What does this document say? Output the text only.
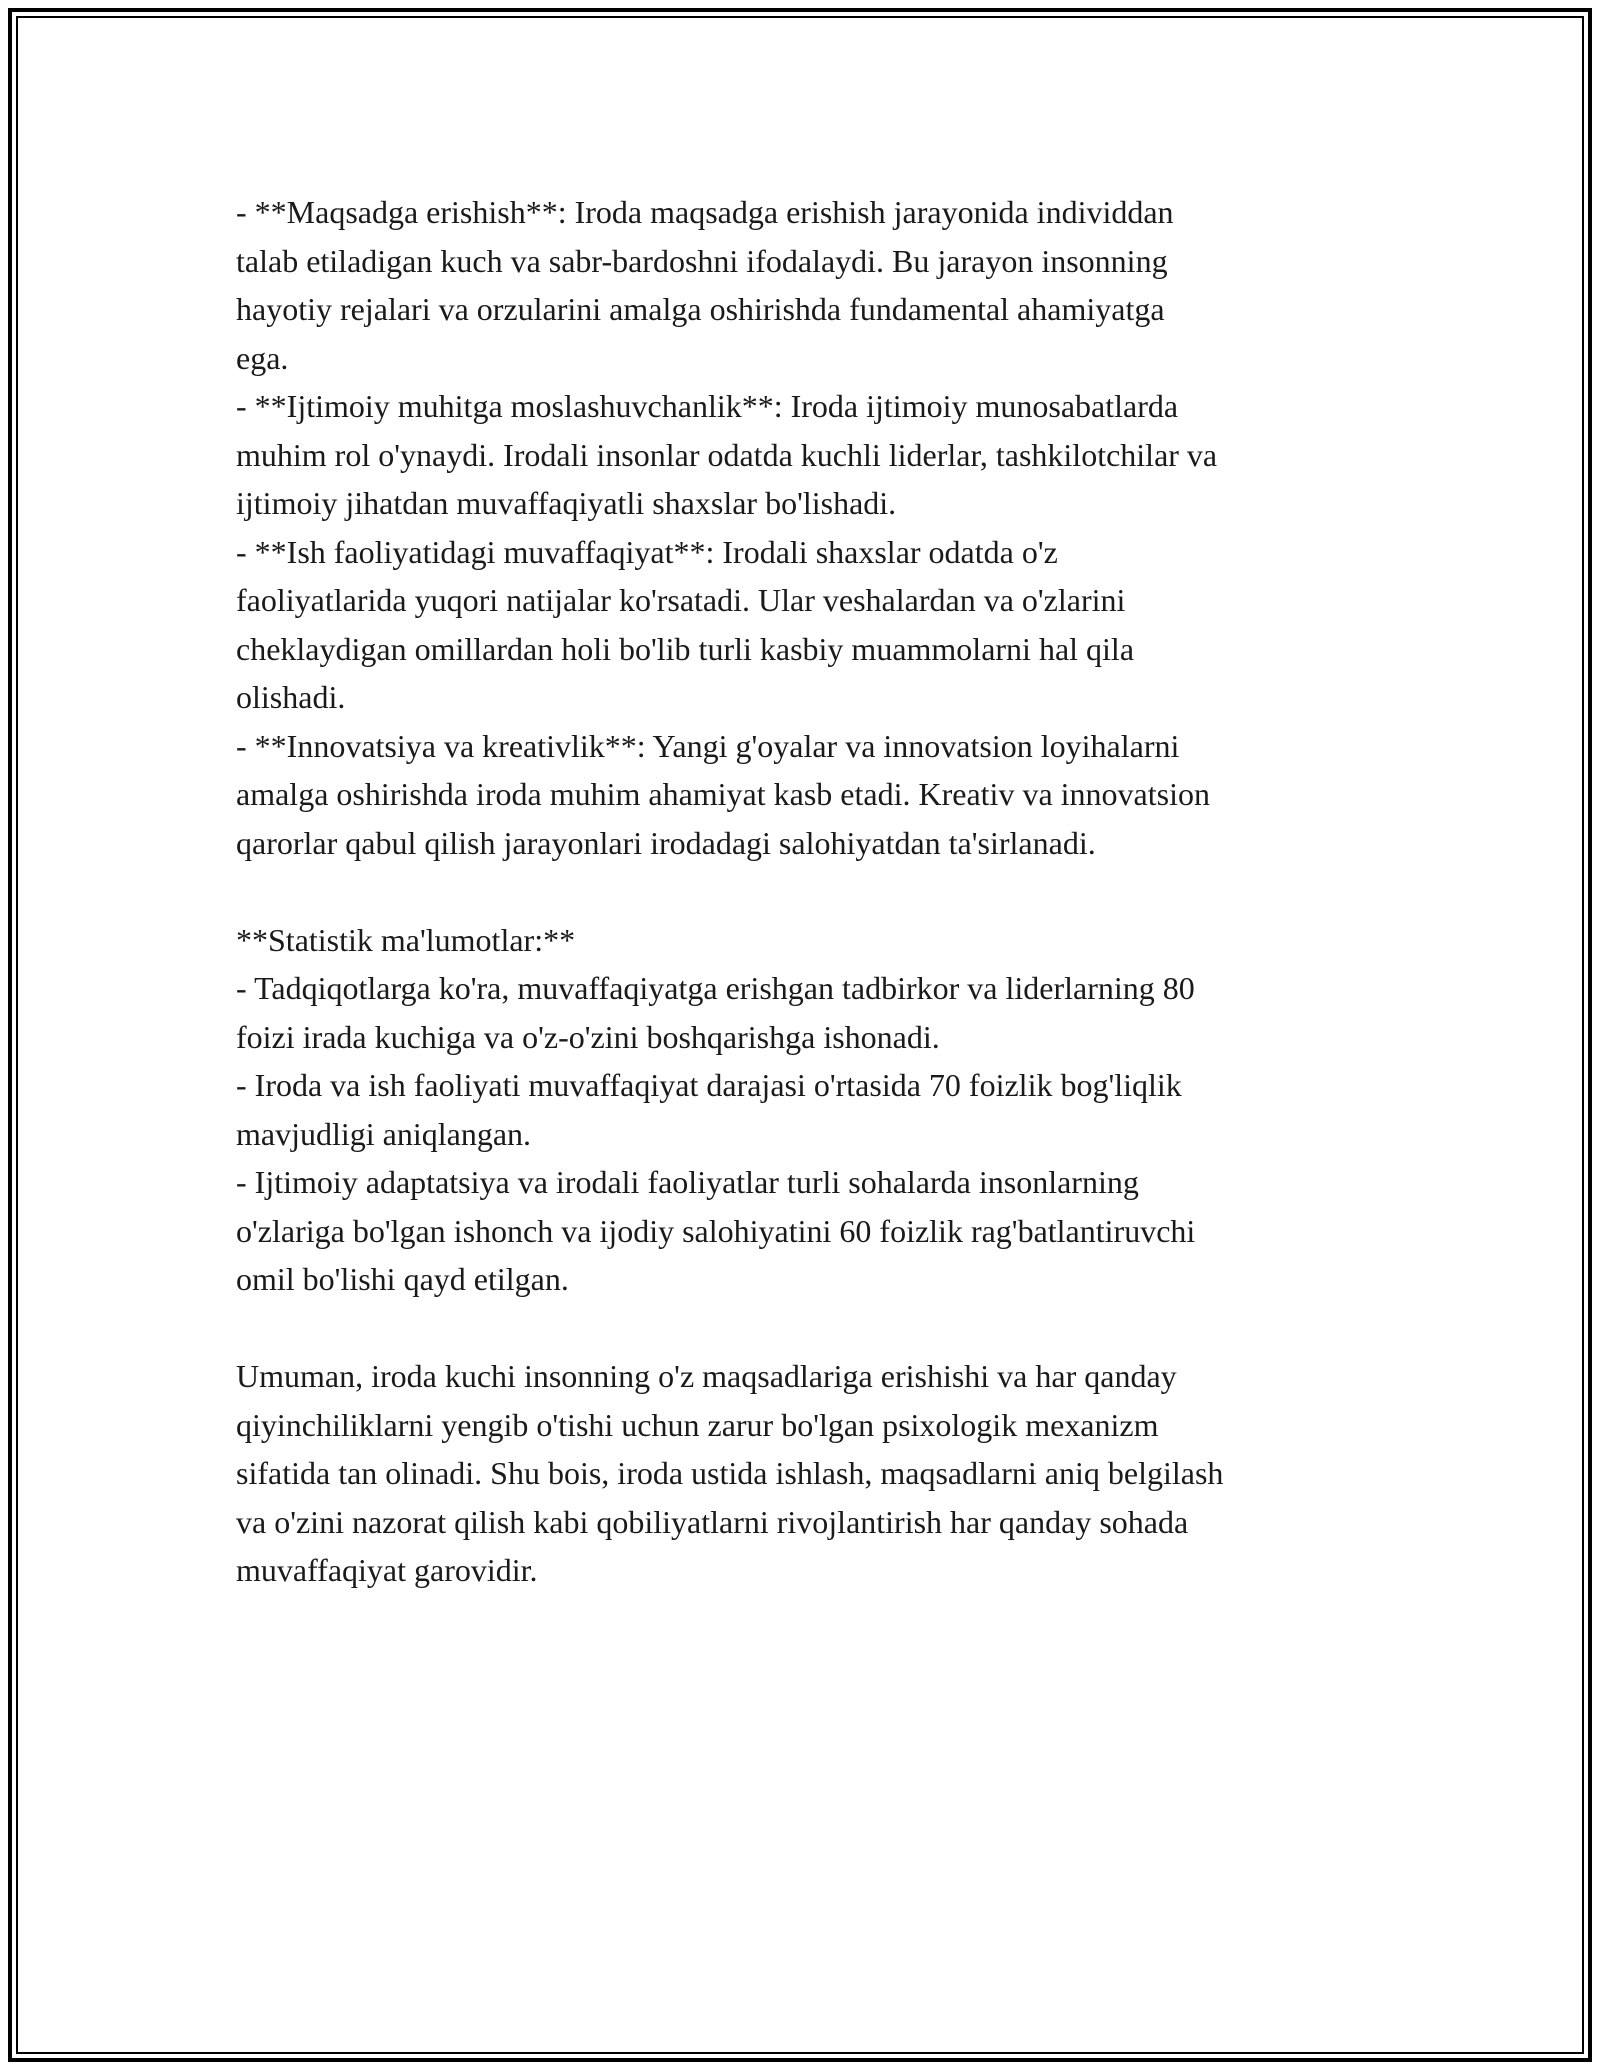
- **Maqsadga erishish**: Iroda maqsadga erishish jarayonida individdan
talab etiladigan kuch va sabr-bardoshni ifodalaydi. Bu jarayon insonning
hayotiy rejalari va orzularini amalga oshirishda fundamental ahamiyatga
ega.
- **Ijtimoiy muhitga moslashuvchanlik**: Iroda ijtimoiy munosabatlarda
muhim rol o'ynaydi. Irodali insonlar odatda kuchli liderlar, tashkilotchilar va
ijtimoiy jihatdan muvaffaqiyatli shaxslar bo'lishadi.
- **Ish faoliyatidagi muvaffaqiyat**: Irodali shaxslar odatda o'z
faoliyatlarida yuqori natijalar ko'rsatadi. Ular veshalardan va o'zlarini
cheklaydigan omillardan holi bo'lib turli kasbiy muammolarni hal qila
olishadi.
- **Innovatsiya va kreativlik**: Yangi g'oyalar va innovatsion loyihalarni
amalga oshirishda iroda muhim ahamiyat kasb etadi. Kreativ va innovatsion
qarorlar qabul qilish jarayonlari irodadagi salohiyatdan ta'sirlanadi.
**Statistik ma'lumotlar:**
- Tadqiqotlarga ko'ra, muvaffaqiyatga erishgan tadbirkor va liderlarning 80
foizi irada kuchiga va o'z-o'zini boshqarishga ishonadi.
- Iroda va ish faoliyati muvaffaqiyat darajasi o'rtasida 70 foizlik bog'liqlik
mavjudligi aniqlangan.
- Ijtimoiy adaptatsiya va irodali faoliyatlar turli sohalarda insonlarning
o'zlariga bo'lgan ishonch va ijodiy salohiyatini 60 foizlik rag'batlantiruvchi
omil bo'lishi qayd etilgan.
Umuman, iroda kuchi insonning o'z maqsadlariga erishishi va har qanday
qiyinchiliklarni yengib o'tishi uchun zarur bo'lgan psixologik mexanizm
sifatida tan olinadi. Shu bois, iroda ustida ishlash, maqsadlarni aniq belgilash
va o'zini nazorat qilish kabi qobiliyatlarni rivojlantirish har qanday sohada
muvaffaqiyat garovidir.
